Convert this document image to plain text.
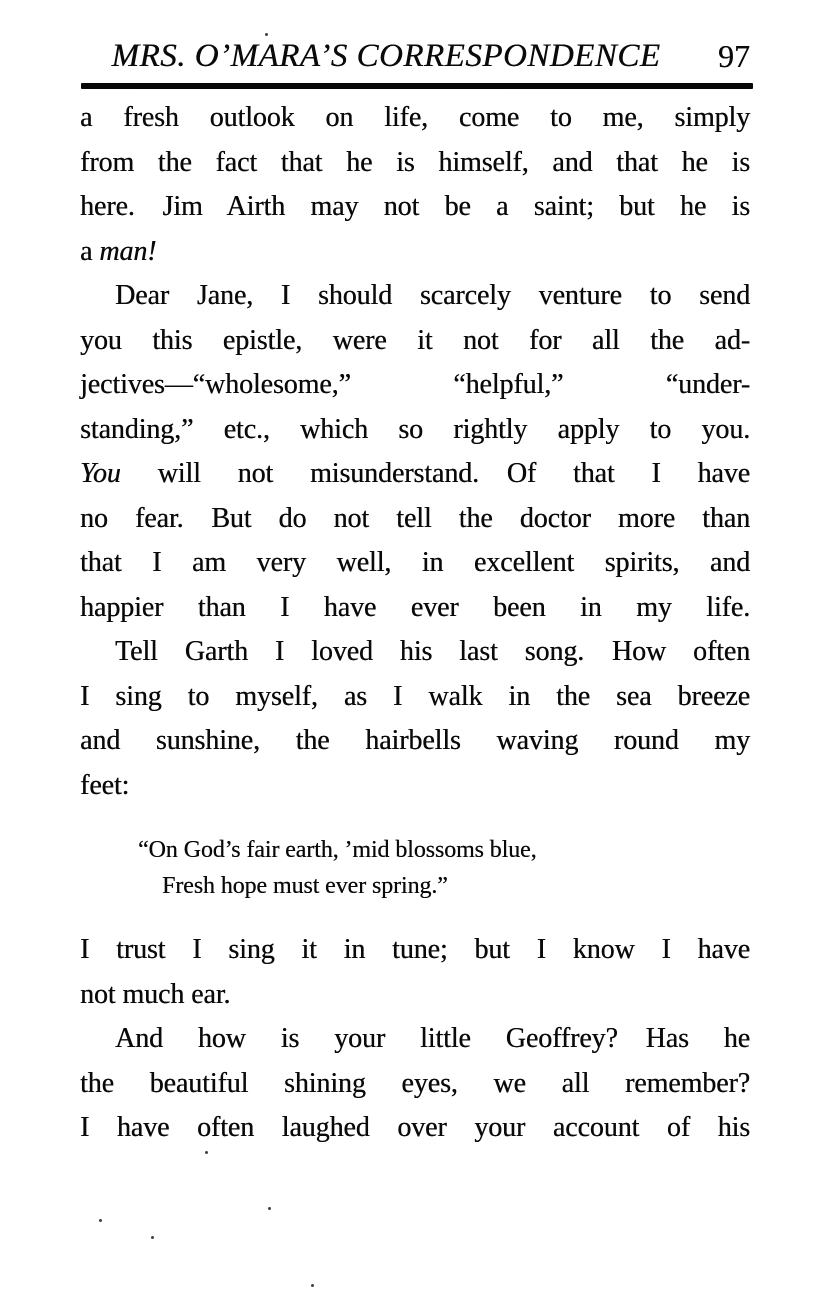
MRS. O’MARA’S CORRESPONDENCE	97
a fresh outlook on life, come to me, simply
from the fact that he is himself, and that he is
here.  Jim Airth may not be a saint; but he is
a man!
Dear Jane, I should scarcely venture to send
you this epistle, were it not for all the ad-
jectives—“wholesome,” “helpful,” “under-
standing,” etc., which so rightly apply to you.
You will not misunderstand.  Of that I have
no fear.  But do not tell the doctor more than
that I am very well, in excellent spirits, and
happier than I have ever been in my life.
Tell Garth I loved his last song.  How often
I sing to myself, as I walk in the sea breeze
and sunshine, the hairbells waving round my
feet:
“On God’s fair earth, ’mid blossoms blue,
Fresh hope must ever spring.”
I trust I sing it in tune; but I know I have
not much ear.
And how is your little Geoffrey?  Has he
the beautiful shining eyes, we all remember?
I have often laughed over your account of his
